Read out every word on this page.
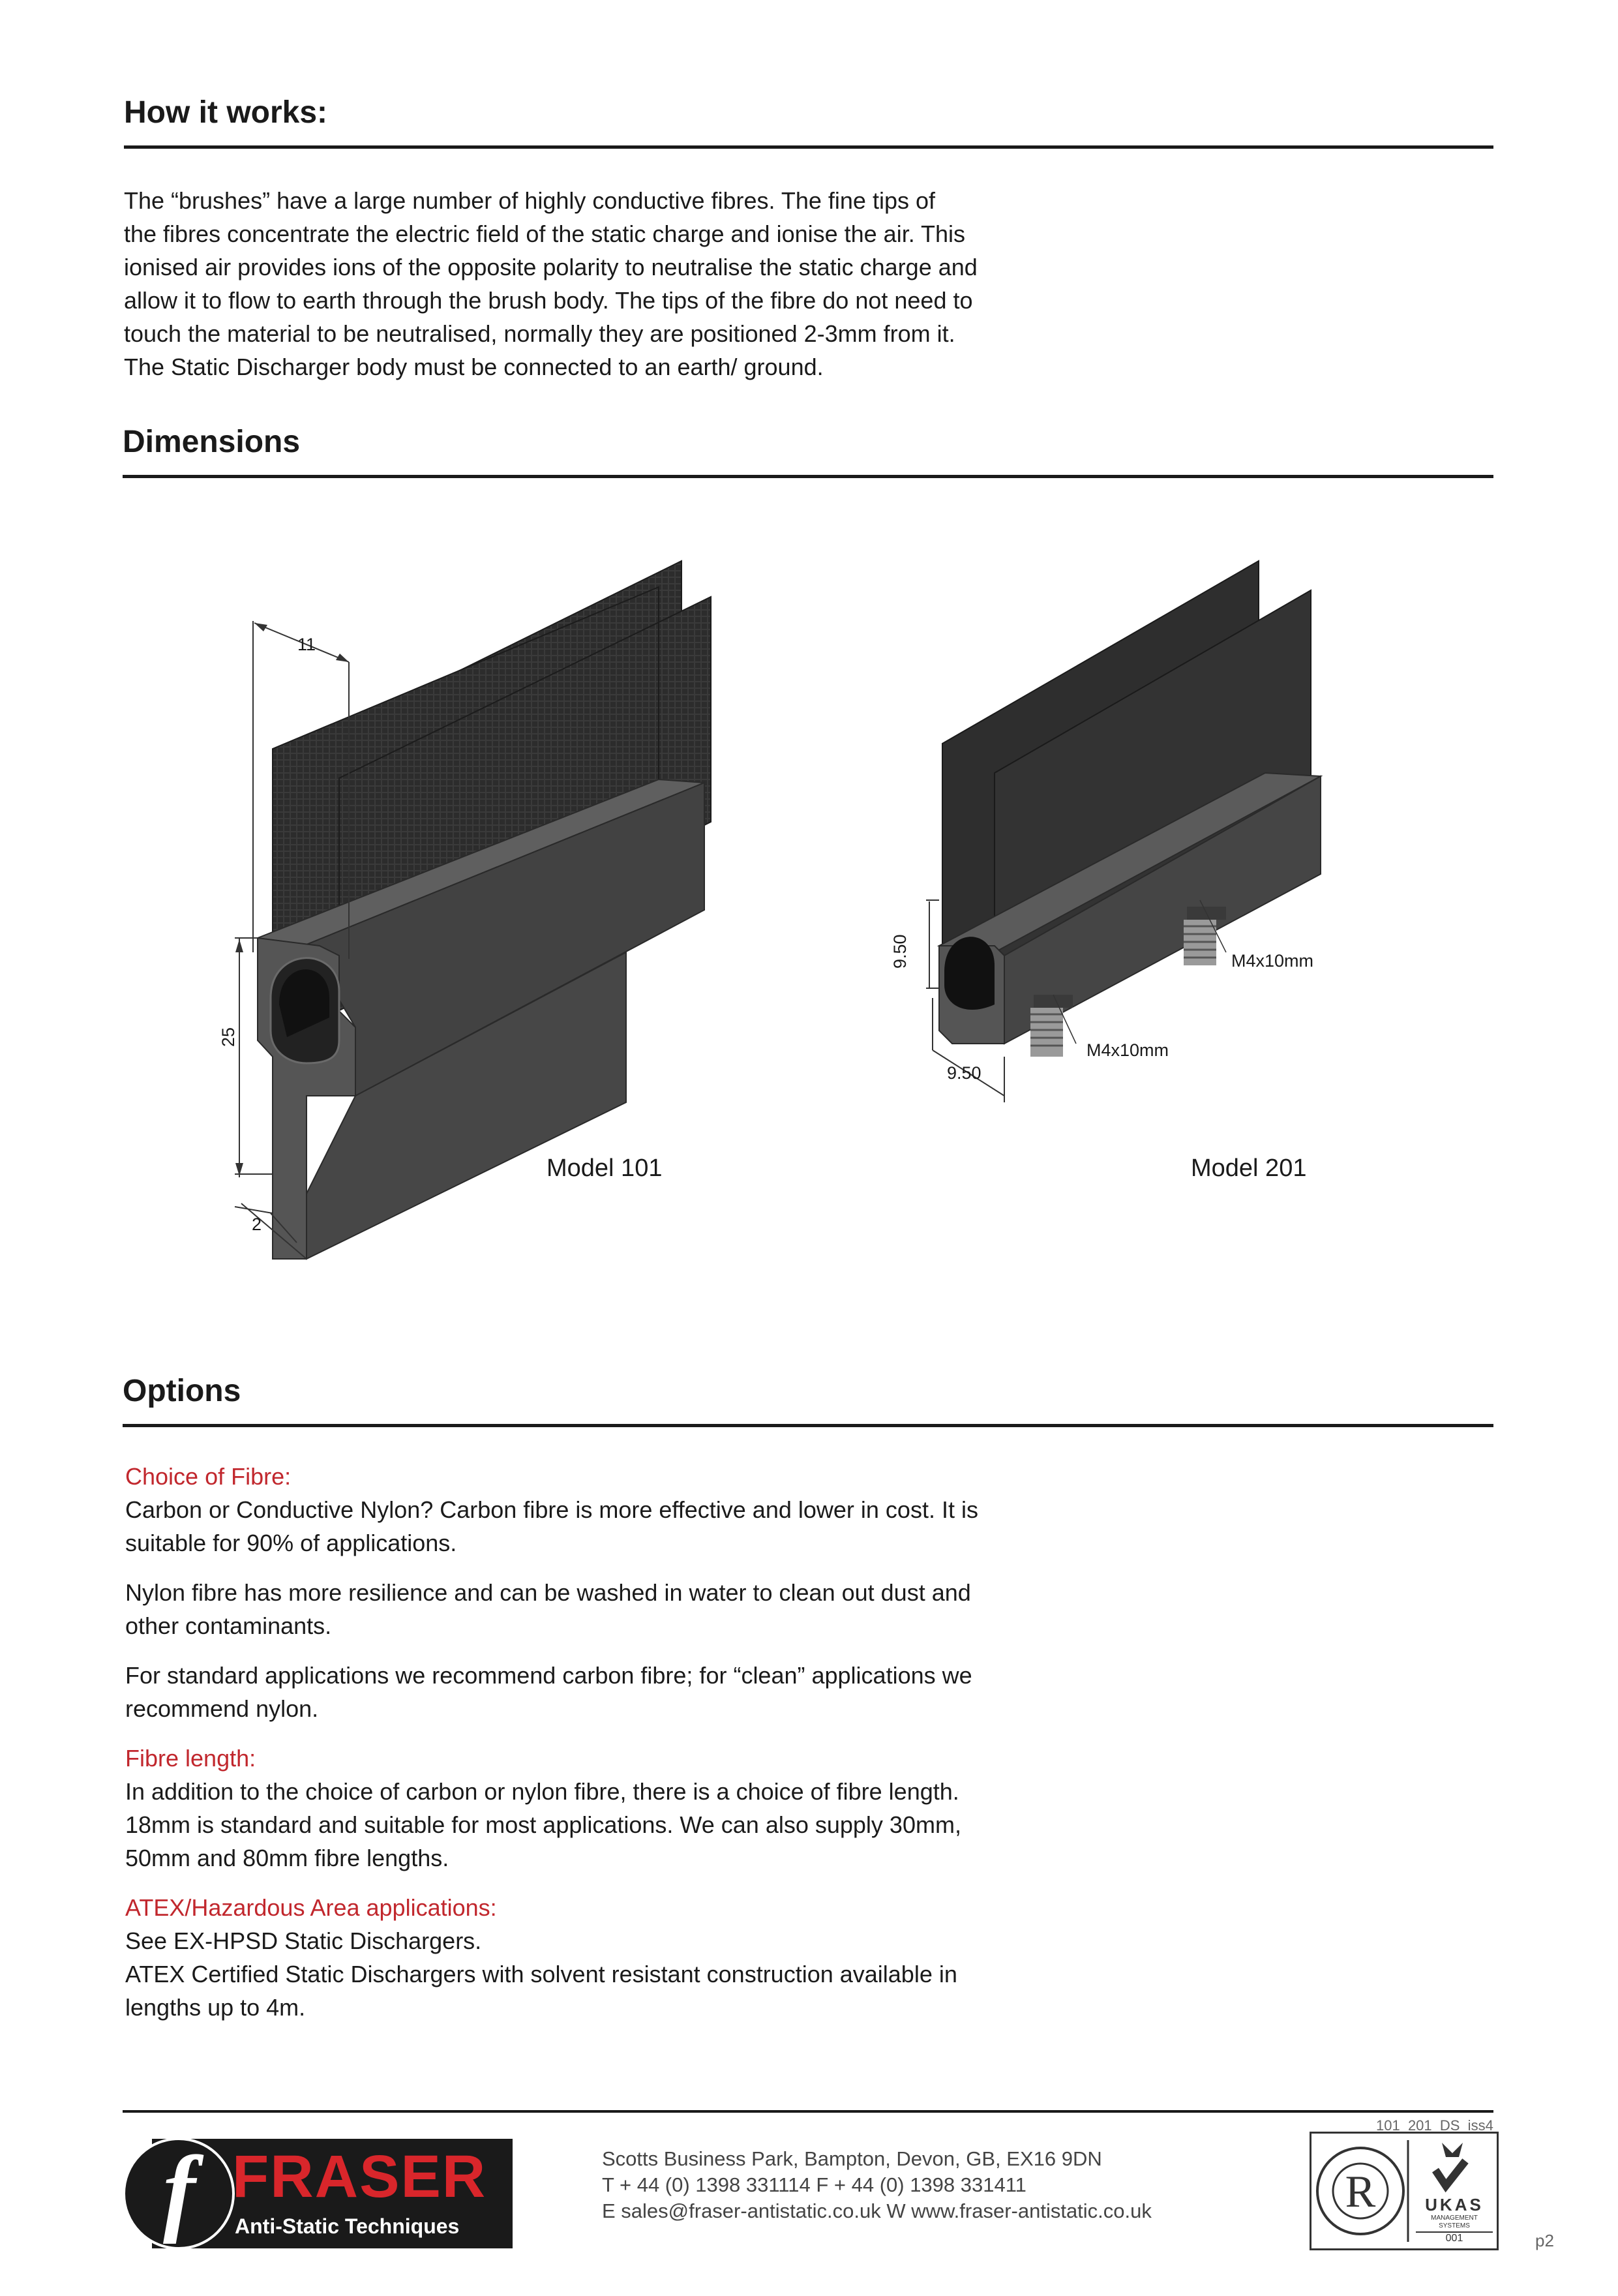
How it works:
The “brushes” have a large number of highly conductive fibres. The fine tips of
the fibres concentrate the electric field of the static charge and ionise the air. This
ionised air provides ions of the opposite polarity to neutralise the static charge and
allow it to flow to earth through the brush body. The tips of the fibre do not need to
touch the material to be neutralised, normally they are positioned 2-3mm from it.
The Static Discharger body must be connected to an earth/ ground.
Dimensions
11
25
2
Model 101
9.50
9.50
M4x10mm
M4x10mm
Model 201
Options
Choice of Fibre:
Carbon or Conductive Nylon? Carbon fibre is more effective and lower in cost. It is
suitable for 90% of applications.
Nylon fibre has more resilience and can be washed in water to clean out dust and
other contaminants.
For standard applications we recommend carbon fibre; for “clean” applications we
recommend nylon.
Fibre length:
In addition to the choice of carbon or nylon fibre, there is a choice of fibre length.
18mm is standard and suitable for most applications. We can also supply 30mm,
50mm and 80mm fibre lengths.
ATEX/Hazardous Area applications:
See EX-HPSD Static Dischargers.
ATEX Certified Static Dischargers with solvent resistant construction available in
lengths up to 4m.
101_201_DS_iss4
f FRASER
Anti-Static Techniques
Scotts Business Park, Bampton, Devon, GB, EX16 9DN
T + 44 (0) 1398 331114 F + 44 (0) 1398 331411
E sales@fraser-antistatic.co.uk W www.fraser-antistatic.co.uk	R	UKAS
MANAGEMENT
SYSTEMS
001	p2
